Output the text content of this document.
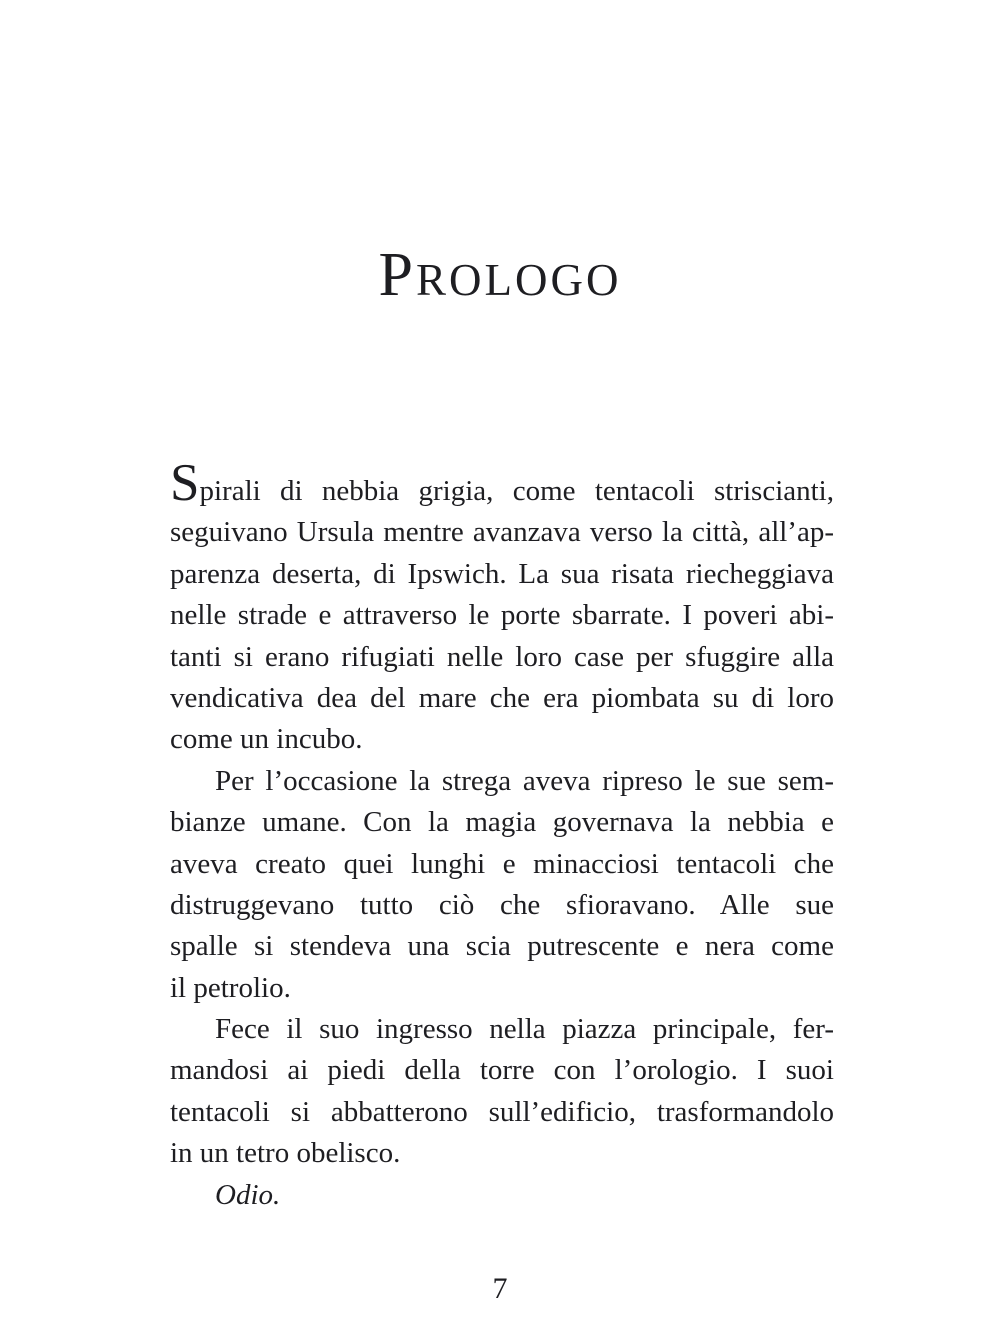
PROLOGO
Spirali di nebbia grigia, come tentacoli striscianti,
seguivano Ursula mentre avanzava verso la città, all’ap-
parenza deserta, di Ipswich. La sua risata riecheggiava
nelle strade e attraverso le porte sbarrate. I poveri abi-
tanti si erano rifugiati nelle loro case per sfuggire alla
vendicativa dea del mare che era piombata su di loro
come un incubo.
Per l’occasione la strega aveva ripreso le sue sem-
bianze umane. Con la magia governava la nebbia e
aveva creato quei lunghi e minacciosi tentacoli che
distruggevano tutto ciò che sfioravano. Alle sue
spalle si stendeva una scia putrescente e nera come
il petrolio.
Fece il suo ingresso nella piazza principale, fer-
mandosi ai piedi della torre con l’orologio. I suoi
tentacoli si abbatterono sull’edificio, trasformandolo
in un tetro obelisco.
Odio.
7
